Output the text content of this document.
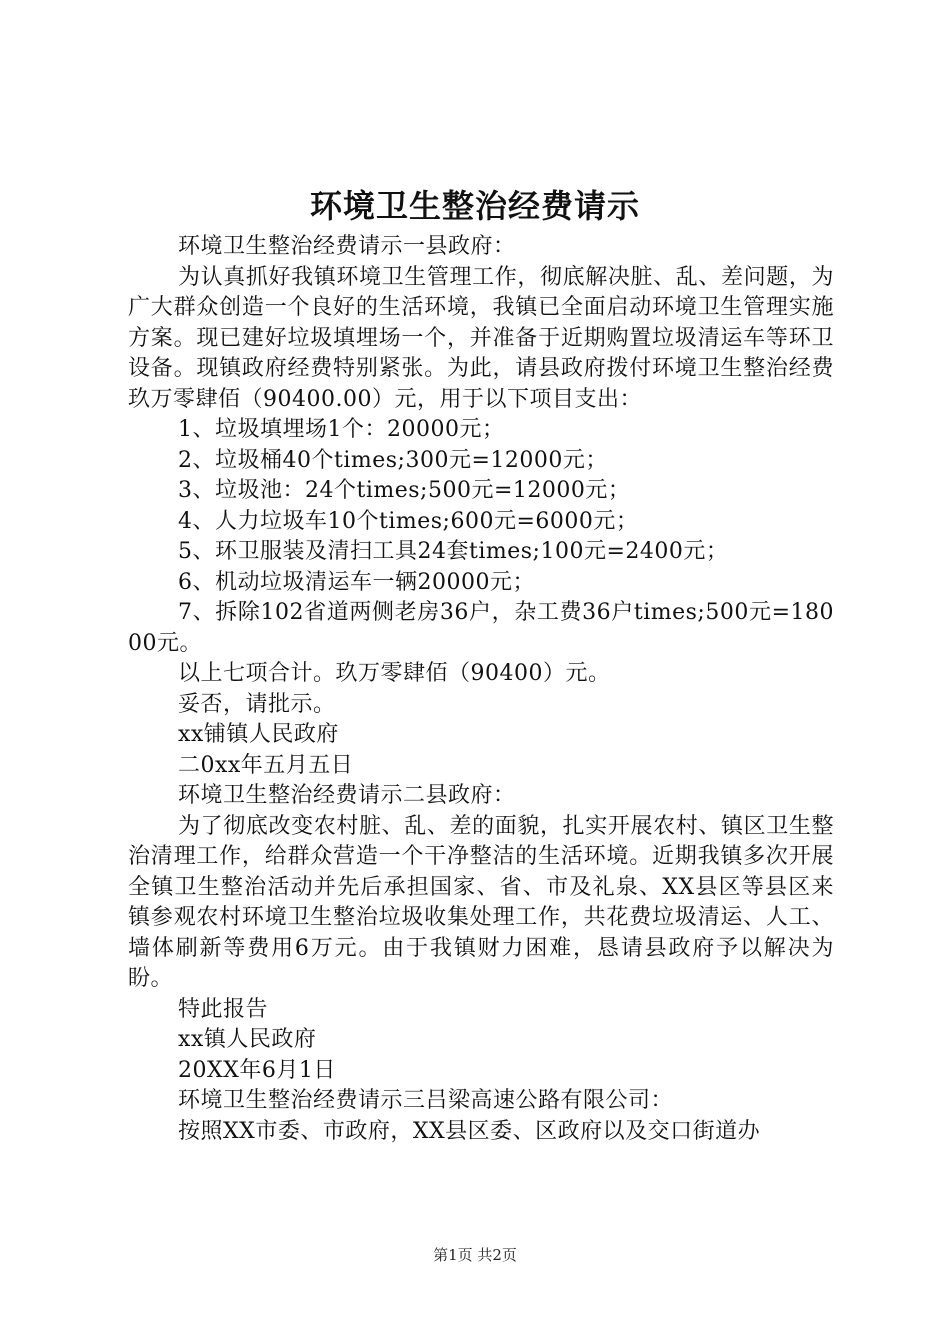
环境卫生整治经费请示

环境卫生整治经费请示一县政府：

为认真抓好我镇环境卫生管理工作，彻底解决脏、乱、差问题，为广大群众创造一个良好的生活环境，我镇已全面启动环境卫生管理实施方案。现已建好垃圾填埋场一个，并准备于近期购置垃圾清运车等环卫设备。现镇政府经费特别紧张。为此，请县政府拨付环境卫生整治经费玖万零肆佰（90400.00）元，用于以下项目支出：

1、垃圾填埋场1个：20000元；

2、垃圾桶40个times;300元=12000元；

3、垃圾池：24个times;500元=12000元；

4、人力垃圾车10个times;600元=6000元；

5、环卫服装及清扫工具24套times;100元=2400元；

6、机动垃圾清运车一辆20000元；

7、拆除102省道两侧老房36户，杂工费36户times;500元=18000元。

以上七项合计。玖万零肆佰（90400）元。

妥否，请批示。

xx铺镇人民政府

二0xx年五月五日

环境卫生整治经费请示二县政府：

为了彻底改变农村脏、乱、差的面貌，扎实开展农村、镇区卫生整治清理工作，给群众营造一个干净整洁的生活环境。近期我镇多次开展全镇卫生整治活动并先后承担国家、省、市及礼泉、XX县区等县区来镇参观农村环境卫生整治垃圾收集处理工作，共花费垃圾清运、人工、墙体刷新等费用6万元。由于我镇财力困难，恳请县政府予以解决为盼。

特此报告

xx镇人民政府

20XX年6月1日

环境卫生整治经费请示三吕梁高速公路有限公司：

按照XX市委、市政府，XX县区委、区政府以及交口街道办

第1页 共2页
